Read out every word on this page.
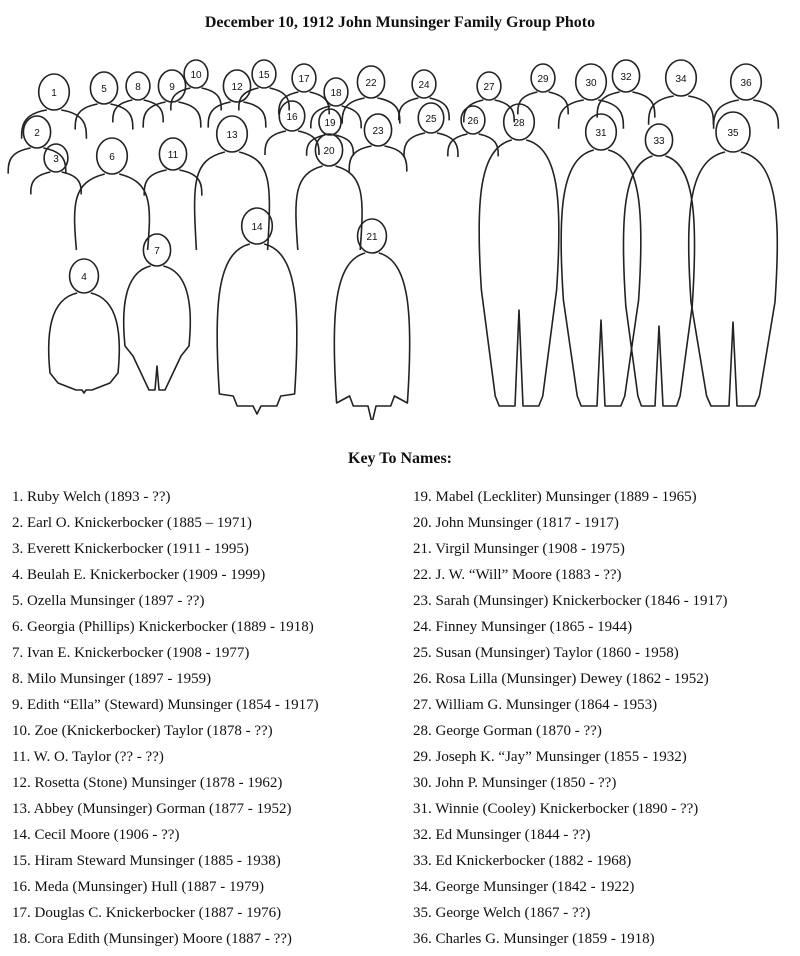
December 10, 1912 John Munsinger Family Group Photo
1
2
3
4
5
6
7
8	9
10
11
12
13
14
15
16
17
18
19
20
21
22
23
24
25	26
27
28
29	30
31
32
33
34
35
36
Key To Names:
1. Ruby Welch (1893 - ??)
2. Earl O. Knickerbocker (1885 – 1971)
3. Everett Knickerbocker (1911 - 1995)
4. Beulah E. Knickerbocker (1909 - 1999)
5. Ozella Munsinger (1897 - ??)
6. Georgia (Phillips) Knickerbocker (1889 - 1918)
7. Ivan E. Knickerbocker (1908 - 1977)
8. Milo Munsinger (1897 - 1959)
9. Edith “Ella” (Steward) Munsinger (1854 - 1917)
10. Zoe (Knickerbocker) Taylor (1878 - ??)
11. W. O. Taylor (?? - ??)
12. Rosetta (Stone) Munsinger (1878 - 1962)
13. Abbey (Munsinger) Gorman (1877 - 1952)
14. Cecil Moore (1906 - ??)
15. Hiram Steward Munsinger (1885 - 1938)
16. Meda (Munsinger) Hull (1887 - 1979)
17. Douglas C. Knickerbocker (1887 - 1976)
18. Cora Edith (Munsinger) Moore (1887 - ??)
19. Mabel (Leckliter) Munsinger (1889 - 1965)
20. John Munsinger (1817 - 1917)
21. Virgil Munsinger (1908 - 1975)
22. J. W. “Will” Moore (1883 - ??)
23. Sarah (Munsinger) Knickerbocker (1846 - 1917)
24. Finney Munsinger (1865 - 1944)
25. Susan (Munsinger) Taylor (1860 - 1958)
26. Rosa Lilla (Munsinger) Dewey (1862 - 1952)
27. William G. Munsinger (1864 - 1953)
28. George Gorman (1870 - ??)
29. Joseph K. “Jay” Munsinger (1855 - 1932)
30. John P. Munsinger (1850 - ??)
31. Winnie (Cooley) Knickerbocker (1890 - ??)
32. Ed Munsinger (1844 - ??)
33. Ed Knickerbocker (1882 - 1968)
34. George Munsinger (1842 - 1922)
35. George Welch (1867 - ??)
36. Charles G. Munsinger (1859 - 1918)
